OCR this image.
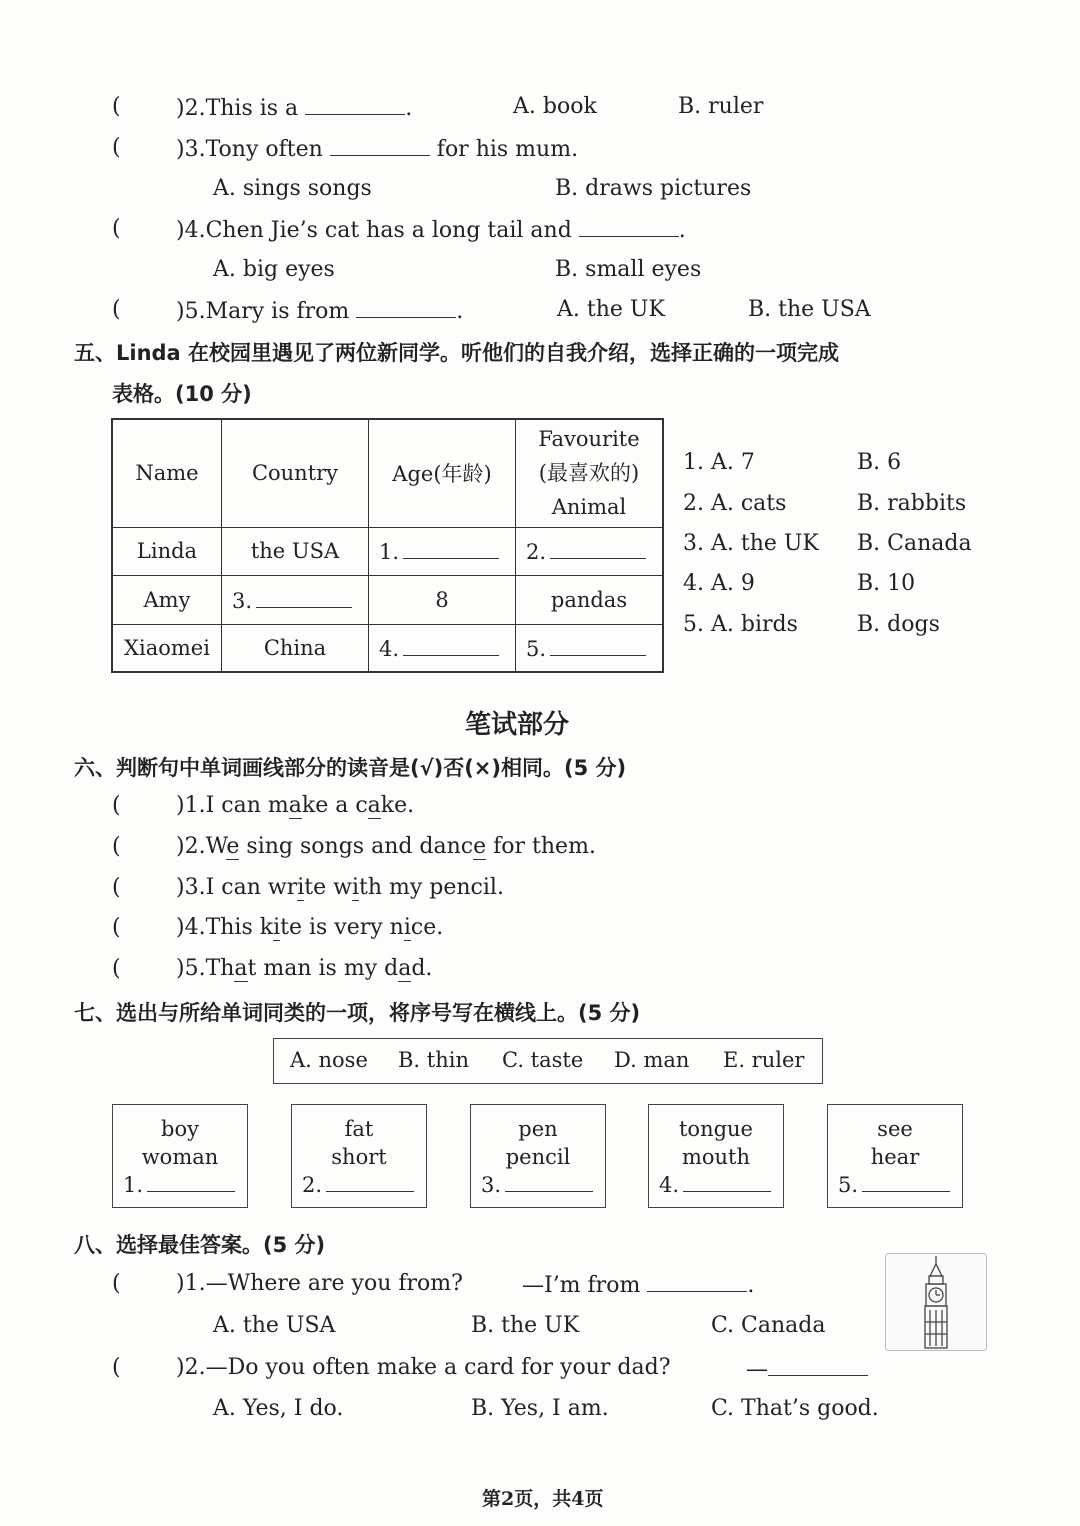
(	)2.This is a	.	A. book	B. ruler
(	)3.Tony often	for his mum.
A. sings songs	B. draws pictures
(	)4.Chen Jie’s cat has a long tail and	.
A. big eyes	B. small eyes
(	)5.Mary is from	.	A. the UK	B. the USA
五、Linda 在校园里遇见了两位新同学。听他们的自我介绍，选择正确的一项完成
表格。(10 分)
Name	Country	Age(年龄)	Favourite
(最喜欢的)
Animal

Linda	the USA	1.	2.
Amy	3.	8	pandas
Xiaomei	China	4.	5.
1. A. 7	B. 6
2. A. cats	B. rabbits
3. A. the UK B. Canada
4. A. 9	B. 10
5. A. birds	B. dogs
笔试部分
六、判断句中单词画线部分的读音是(√)否(×)相同。(5 分)
(	)1.I can make a cake.
(	)2.We sing songs and dance for them.
(	)3.I can write with my pencil.
(	)4.This kite is very nice.
(	)5.That man is my dad.
七、选出与所给单词同类的一项，将序号写在横线上。(5 分)
A. nose B. thin C. taste D. man E. ruler
boy
woman
1.
fat
short
2.
pen
pencil
3.
tongue
mouth
4.
see
hear
5.
八、选择最佳答案。(5 分)
(	)1.—Where are you from?	—I’m from	.
A. the USA	B. the UK	C. Canada
(	)2.—Do you often make a card for your dad?	—
A. Yes, I do.	B. Yes, I am.	C. That’s good.
第2页，共4页
